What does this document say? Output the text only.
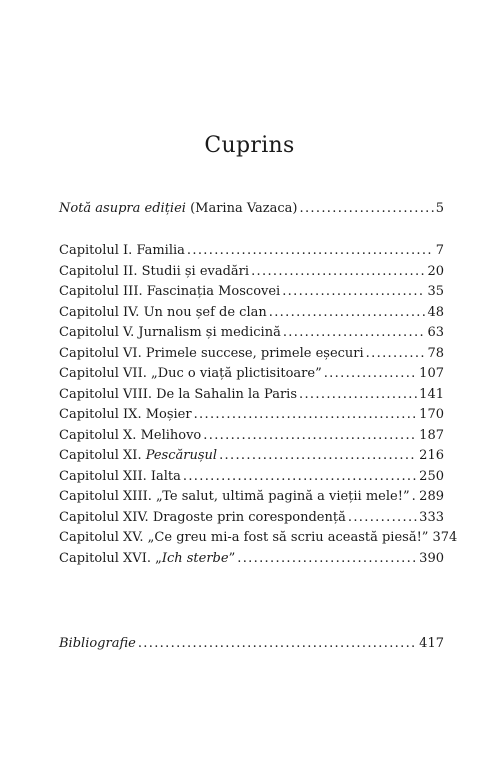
Cuprins
Notă asupra ediției (Marina Vazaca) . . .	5
Capitolul I. Familia . . .	7
Capitolul II. Studii și evadări . . .	20
Capitolul III. Fascinația Moscovei . . .	35
Capitolul IV. Un nou șef de clan . . .	48
Capitolul V. Jurnalism și medicină . . .	63
Capitolul VI. Primele succese, primele eșecuri . . .	78
Capitolul VII. „Duc o viață plictisitoare” . . .	107
Capitolul VIII. De la Sahalin la Paris . . .	141
Capitolul IX. Moșier . . .	170
Capitolul X. Melihovo . . .	187
Capitolul XI. Pescărușul . . .	216
Capitolul XII. Ialta . . .	250
Capitolul XIII. „Te salut, ultimă pagină a vieții mele!” . . . 289
Capitolul XIV. Dragoste prin corespondență . . .	333
Capitolul XV. „Ce greu mi-a fost să scriu această piesă!” 374
Capitolul XVI. „Ich sterbe” . . .	390
Bibliografie . . .	417
